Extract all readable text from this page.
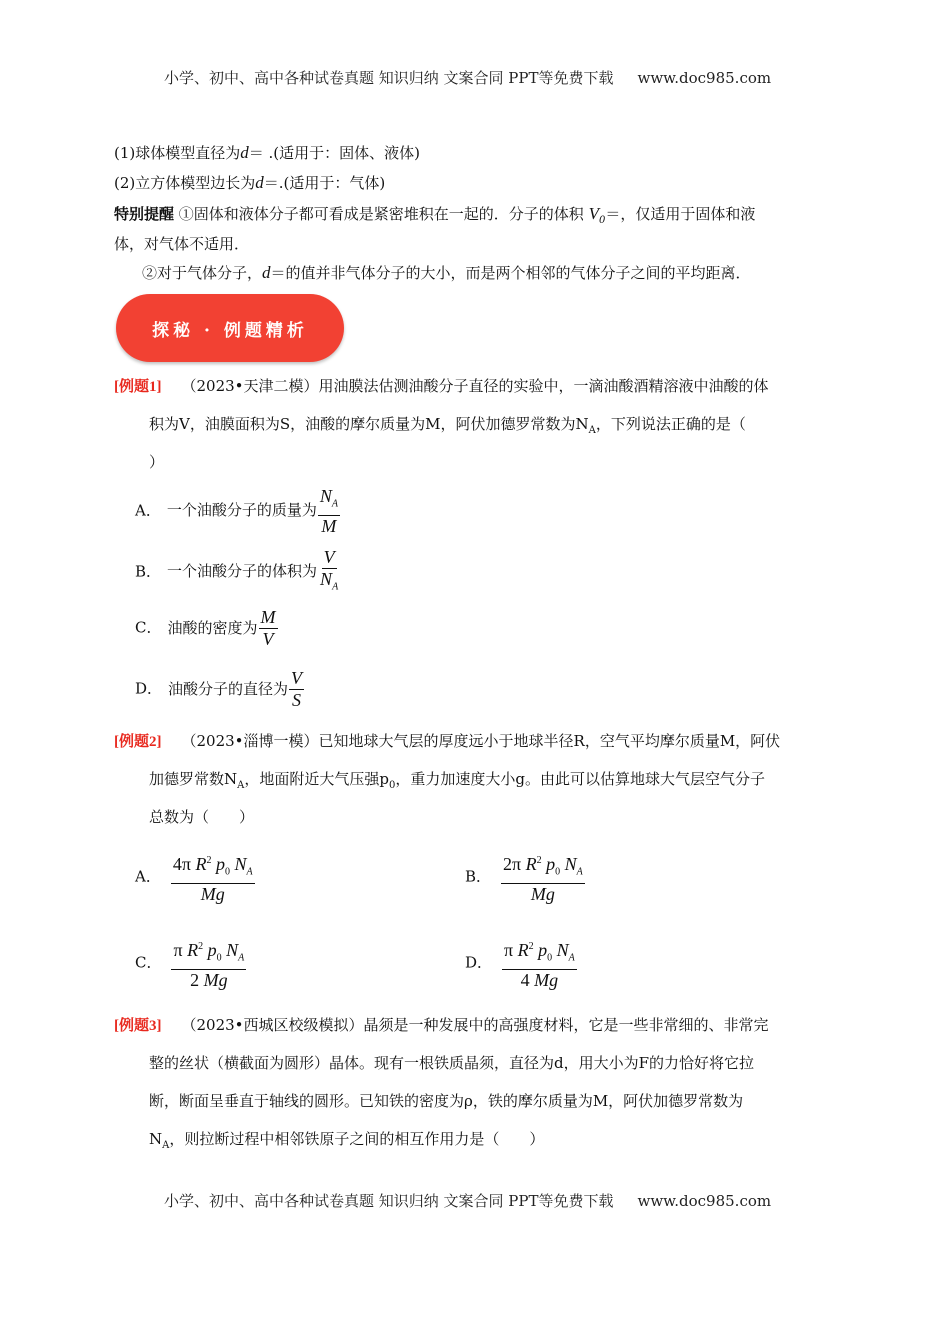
小学、初中、高中各种试卷真题 知识归纳 文案合同 PPT等免费下载 www.doc985.com
(1)球体模型直径为d＝ .(适用于：固体、液体)
(2)立方体模型边长为d＝.(适用于：气体)
特别提醒 ①固体和液体分子都可看成是紧密堆积在一起的．分子的体积 $V_0=$，仅适用于固体和液
体，对气体不适用．
②对于气体分子，d＝的值并非气体分子的大小，而是两个相邻的气体分子之间的平均距离．
探秘 · 例题精析
[例题1] （2023•天津二模）用油膜法估测油酸分子直径的实验中，一滴油酸酒精溶液中油酸的体
积为V，油膜面积为S，油酸的摩尔质量为M，阿伏加德罗常数为$N_A$，下列说法正确的是（
）
A． 一个油酸分子的质量为 $\frac{N_A}{M}$
B． 一个油酸分子的体积为 $\frac{V}{N_A}$
C． 油酸的密度为 $\frac{M}{V}$
D． 油酸分子的直径为 $\frac{V}{S}$
[例题2] （2023•淄博一模）已知地球大气层的厚度远小于地球半径R，空气平均摩尔质量M，阿伏
加德罗常数$N_A$，地面附近大气压强$p_0$，重力加速度大小g。由此可以估算地球大气层空气分子
总数为（　　）
A． $\frac{4\pi R^2 p_0 N_A}{Mg}$	B． $\frac{2\pi R^2 p_0 N_A}{Mg}$
C． $\frac{\pi R^2 p_0 N_A}{2 Mg}$	D． $\frac{\pi R^2 p_0 N_A}{4 Mg}$
[例题3] （2023•西城区校级模拟）晶须是一种发展中的高强度材料，它是一些非常细的、非常完
整的丝状（横截面为圆形）晶体。现有一根铁质晶须，直径为d，用大小为F的力恰好将它拉
断，断面呈垂直于轴线的圆形。已知铁的密度为ρ，铁的摩尔质量为M，阿伏加德罗常数为
$N_A$，则拉断过程中相邻铁原子之间的相互作用力是（　　）
小学、初中、高中各种试卷真题 知识归纳 文案合同 PPT等免费下载 www.doc985.com
